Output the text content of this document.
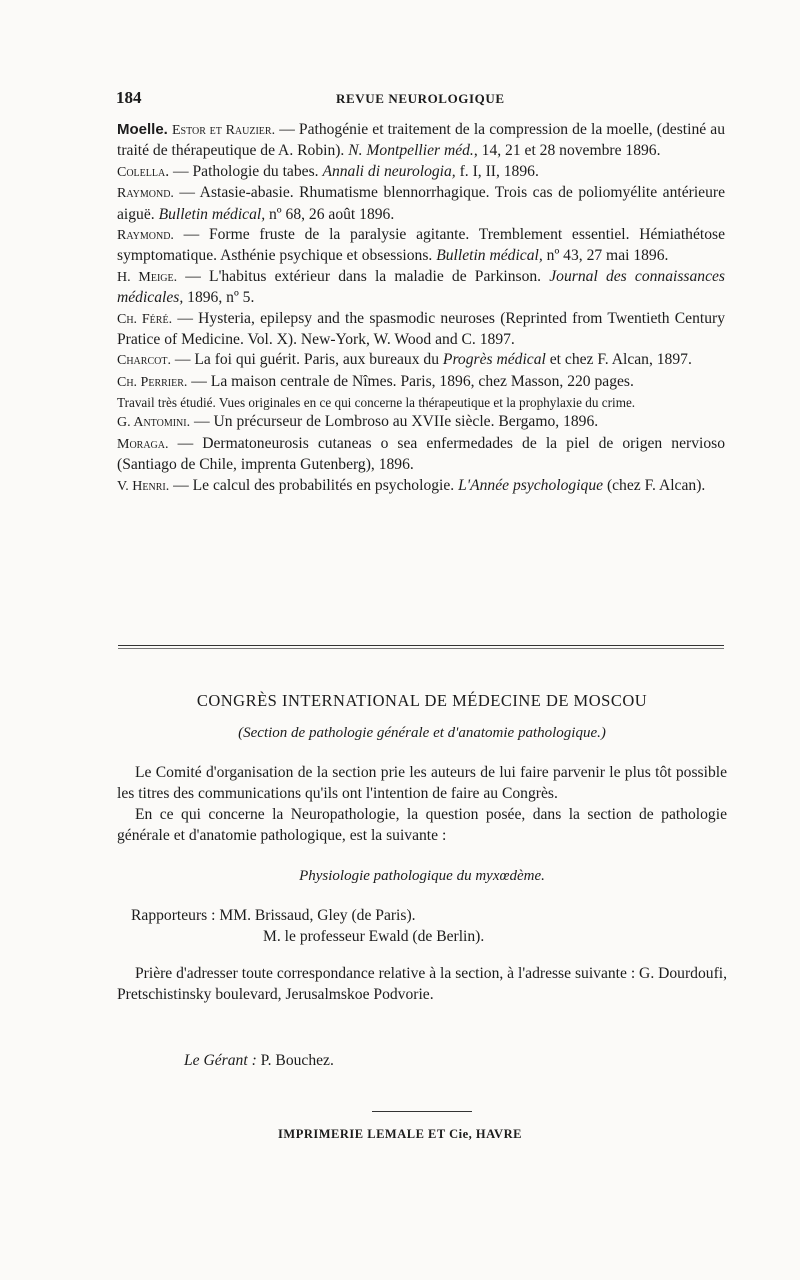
184	REVUE NEUROLOGIQUE

Moelle. Estor et Rauzier. — Pathogénie et traitement de la compression de la moelle, (destiné au traité de thérapeutique de A. Robin). N. Montpellier méd., 14, 21 et 28 novembre 1896.

Colella. — Pathologie du tabes. Annali di neurologia, f. I, II, 1896.

Raymond. — Astasie-abasie. Rhumatisme blennorrhagique. Trois cas de poliomyélite antérieure aiguë. Bulletin médical, nº 68, 26 août 1896.

Raymond. — Forme fruste de la paralysie agitante. Tremblement essentiel. Hémiathétose symptomatique. Asthénie psychique et obsessions. Bulletin médical, nº 43, 27 mai 1896.

H. Meige. — L'habitus extérieur dans la maladie de Parkinson. Journal des connaissances médicales, 1896, nº 5.

Ch. Féré. — Hysteria, epilepsy and the spasmodic neuroses (Reprinted from Twentieth Century Pratice of Medicine. Vol. X). New-York, W. Wood and C. 1897.

Charcot. — La foi qui guérit. Paris, aux bureaux du Progrès médical et chez F. Alcan, 1897.

Ch. Perrier. — La maison centrale de Nîmes. Paris, 1896, chez Masson, 220 pages.

Travail très étudié. Vues originales en ce qui concerne la thérapeutique et la prophylaxie du crime.

G. Antomini. — Un précurseur de Lombroso au XVIIe siècle. Bergamo, 1896.

Moraga. — Dermatoneurosis cutaneas o sea enfermedades de la piel de origen nervioso (Santiago de Chile, imprenta Gutenberg), 1896.

V. Henri. — Le calcul des probabilités en psychologie. L'Année psychologique (chez F. Alcan).

CONGRÈS INTERNATIONAL DE MÉDECINE DE MOSCOU

(Section de pathologie générale et d'anatomie pathologique.)

Le Comité d'organisation de la section prie les auteurs de lui faire parvenir le plus tôt possible les titres des communications qu'ils ont l'intention de faire au Congrès.

En ce qui concerne la Neuropathologie, la question posée, dans la section de pathologie générale et d'anatomie pathologique, est la suivante :

Physiologie pathologique du myxœdème.

Rapporteurs : MM. Brissaud, Gley (de Paris).

M. le professeur Ewald (de Berlin).

Prière d'adresser toute correspondance relative à la section, à l'adresse suivante : G. Dourdoufi, Pretschistinsky boulevard, Jerusalmskoe Podvorie.

Le Gérant : P. Bouchez.
IMPRIMERIE LEMALE ET Cie, HAVRE
